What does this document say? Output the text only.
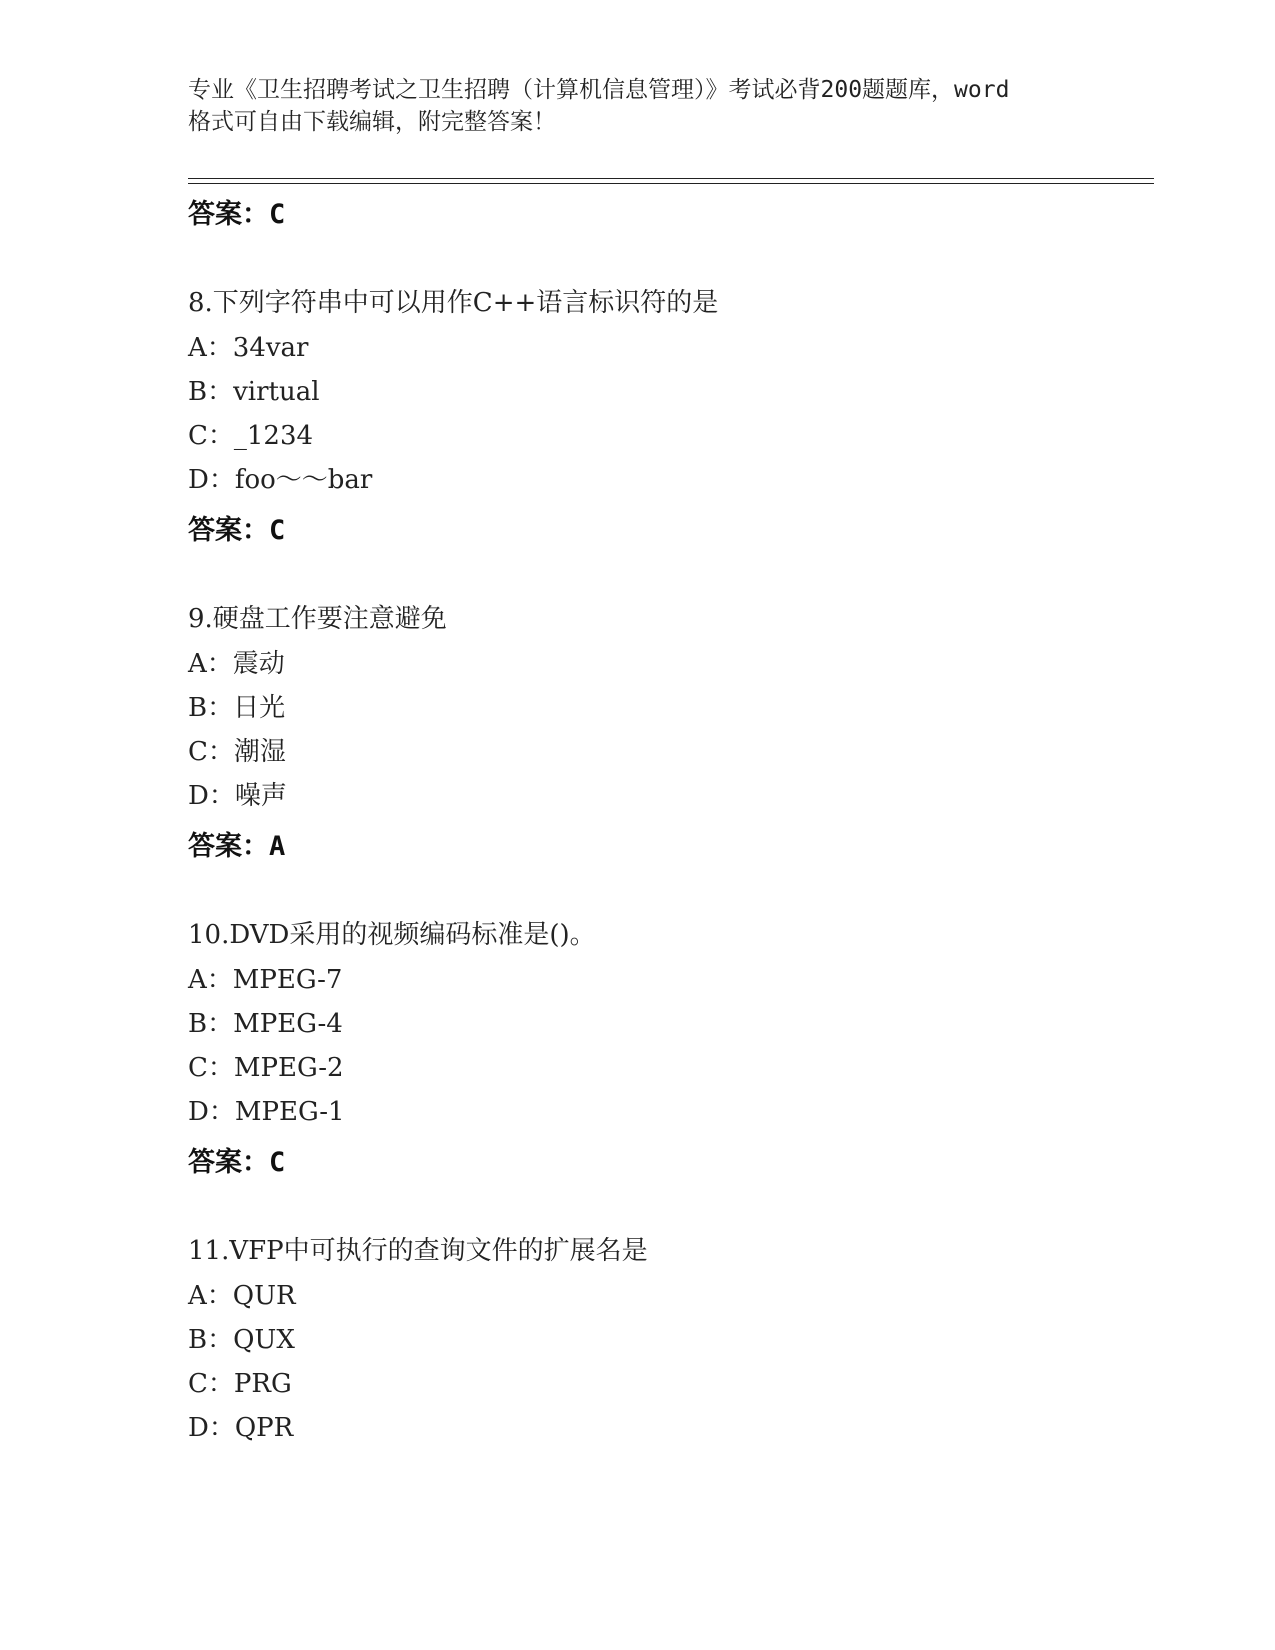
专业《卫生招聘考试之卫生招聘（计算机信息管理）》考试必背200题题库，word
格式可自由下载编辑，附完整答案！
答案：C
8.下列字符串中可以用作C++语言标识符的是
A：34var
B：virtual
C：_1234
D：foo～～bar
答案：C
9.硬盘工作要注意避免
A：震动
B：日光
C：潮湿
D：噪声
答案：A
10.DVD采用的视频编码标准是()。
A：MPEG-7
B：MPEG-4
C：MPEG-2
D：MPEG-1
答案：C
11.VFP中可执行的查询文件的扩展名是
A：QUR
B：QUX
C：PRG
D：QPR
